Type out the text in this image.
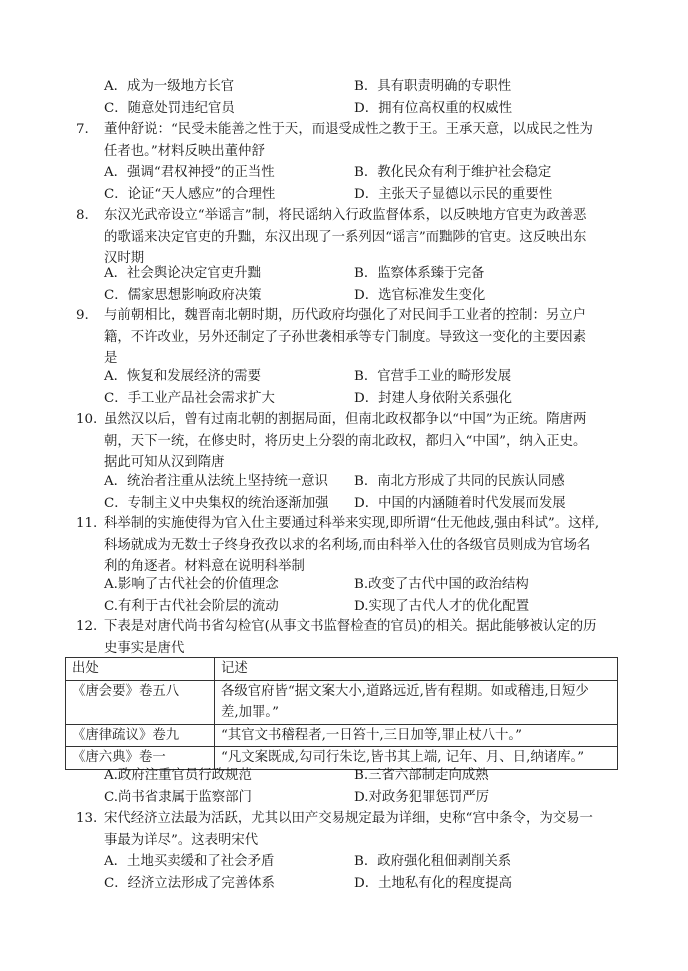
A．成为一级地方长官	B．具有职责明确的专职性
C．随意处罚违纪官员	D．拥有位高权重的权威性
7. 董仲舒说：“民受未能善之性于天，而退受成性之教于王。王承天意，以成民之性为
任者也。”材料反映出董仲舒
A．强调“君权神授”的正当性	B．教化民众有利于维护社会稳定
C．论证“天人感应”的合理性	D．主张天子显德以示民的重要性
8. 东汉光武帝设立“举谣言”制，将民谣纳入行政监督体系，以反映地方官吏为政善恶
的歌谣来决定官吏的升黜，东汉出现了一系列因“谣言”而黜陟的官吏。这反映出东
汉时期
A．社会舆论决定官吏升黜	B．监察体系臻于完备
C．儒家思想影响政府决策	D．选官标准发生变化
9. 与前朝相比，魏晋南北朝时期，历代政府均强化了对民间手工业者的控制：另立户
籍，不许改业，另外还制定了子孙世袭相承等专门制度。导致这一变化的主要因素
是
A．恢复和发展经济的需要	B．官营手工业的畸形发展
C．手工业产品社会需求扩大	D．封建人身依附关系强化
10. 虽然汉以后，曾有过南北朝的割据局面，但南北政权都争以“中国”为正统。隋唐两
朝，天下一统，在修史时，将历史上分裂的南北政权，都归入“中国”，纳入正史。
据此可知从汉到隋唐
A．统治者注重从法统上坚持统一意识 B．南北方形成了共同的民族认同感
C．专制主义中央集权的统治逐渐加强 D．中国的内涵随着时代发展而发展
11. 科举制的实施使得为官入仕主要通过科举来实现,即所谓“仕无他歧,强由科试”。这样,
科场就成为无数士子终身孜孜以求的名利场,而由科举入仕的各级官员则成为官场名
利的角逐者。材料意在说明科举制
A.影响了古代社会的价值理念	B.改变了古代中国的政治结构
C.有利于古代社会阶层的流动	D.实现了古代人才的优化配置
12. 下表是对唐代尚书省勾检官(从事文书监督检查的官员)的相关。据此能够被认定的历
史事实是唐代
出处	记述
《唐会要》卷五八	各级官府皆“据文案大小,道路远近,皆有程期。如或稽违,日短少
差,加罪。”

《唐律疏议》卷九	“其官文书稽程者,一日笞十,三日加等,罪止杖八十。”
《唐六典》卷一	“凡文案既成,勾司行朱讫,皆书其上端, 记年、月、日,纳诸库。”
A.政府注重官员行政规范	B.三省六部制走向成熟
C.尚书省隶属于监察部门	D.对政务犯罪惩罚严厉
13. 宋代经济立法最为活跃，尤其以田产交易规定最为详细，史称“宫中条令，为交易一
事最为详尽”。这表明宋代
A．土地买卖缓和了社会矛盾	B．政府强化租佃剥削关系
C．经济立法形成了完善体系	D．土地私有化的程度提高
